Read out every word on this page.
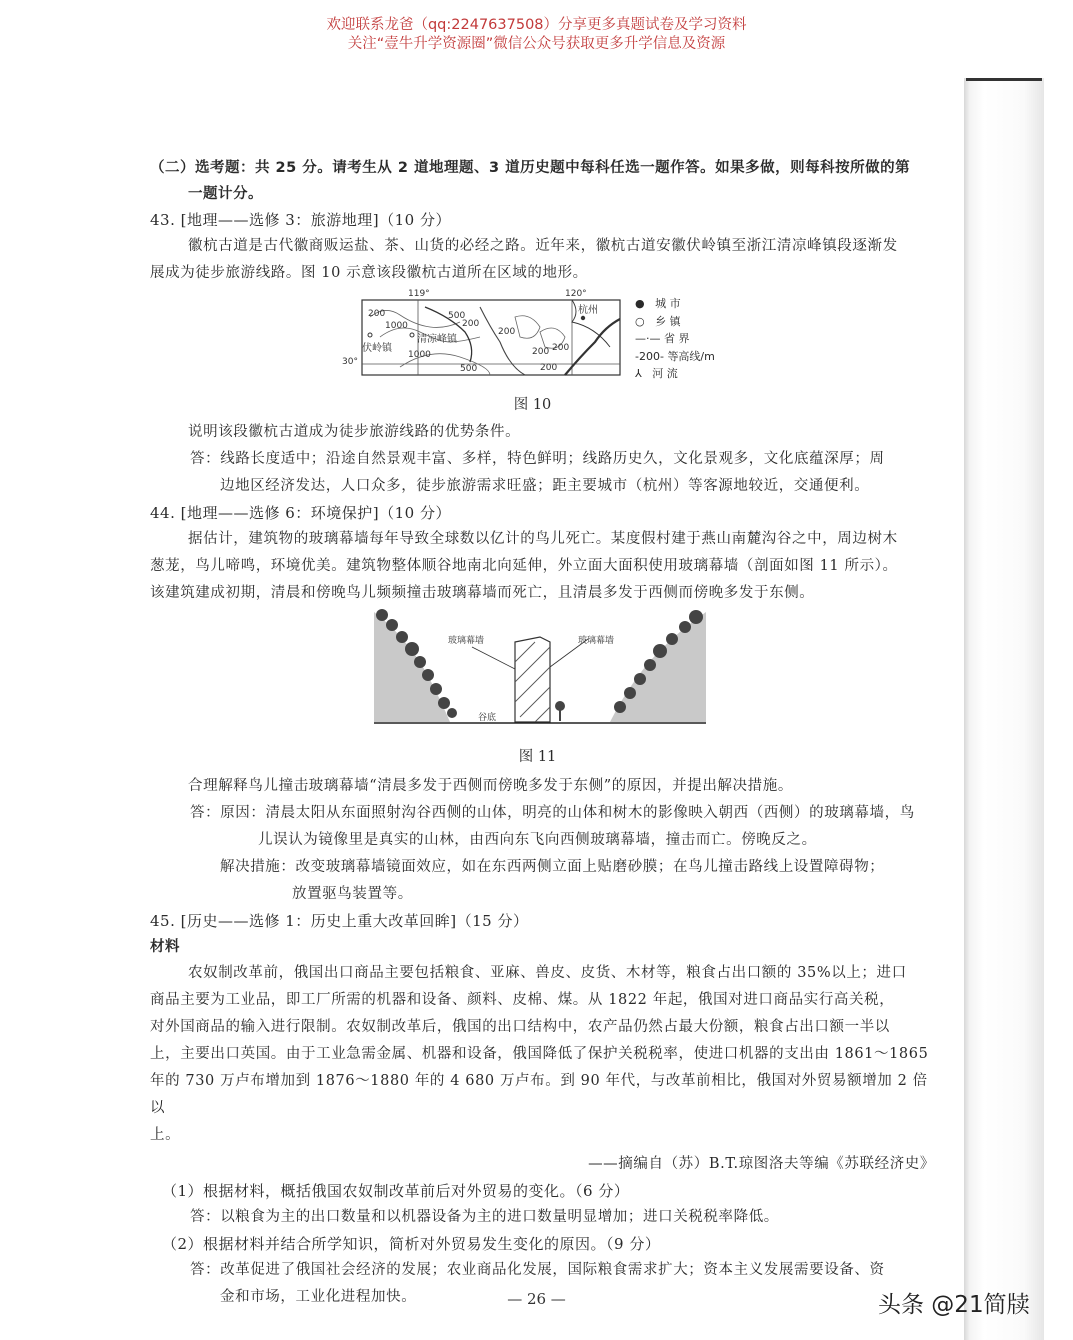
欢迎联系龙爸（qq:2247637508）分享更多真题试卷及学习资料
关注“壹牛升学资源圈”微信公众号获取更多升学信息及资源
（二）选考题：共 25 分。请考生从 2 道地理题、3 道历史题中每科任选一题作答。如果多做，则每科按所做的第
一题计分。
43. [地理——选修 3：旅游地理]（10 分）
徽杭古道是古代徽商贩运盐、茶、山货的必经之路。近年来，徽杭古道安徽伏岭镇至浙江清凉峰镇段逐渐发
展成为徒步旅游线路。图 10 示意该段徽杭古道所在区域的地形。
119°	120°
30°
伏岭镇
清凉峰镇
杭州
200
1000
500
200
1000
200
200 200
500	200
● 城 市
○ 乡 镇
—·— 省 界
-200- 等高线/m
⅄ 河 流
图 10
说明该段徽杭古道成为徒步旅游线路的优势条件。
答：线路长度适中；沿途自然景观丰富、多样，特色鲜明；线路历史久，文化景观多，文化底蕴深厚；周
边地区经济发达，人口众多，徒步旅游需求旺盛；距主要城市（杭州）等客源地较近，交通便利。
44. [地理——选修 6：环境保护]（10 分）
据估计，建筑物的玻璃幕墙每年导致全球数以亿计的鸟儿死亡。某度假村建于燕山南麓沟谷之中，周边树木
葱茏，鸟儿啼鸣，环境优美。建筑物整体顺谷地南北向延伸，外立面大面积使用玻璃幕墙（剖面如图 11 所示）。
该建筑建成初期，清晨和傍晚鸟儿频频撞击玻璃幕墙而死亡，且清晨多发于西侧而傍晚多发于东侧。
玻璃幕墙	玻璃幕墙
谷底
图 11
合理解释鸟儿撞击玻璃幕墙“清晨多发于西侧而傍晚多发于东侧”的原因，并提出解决措施。
答：原因：清晨太阳从东面照射沟谷西侧的山体，明亮的山体和树木的影像映入朝西（西侧）的玻璃幕墙，鸟
儿误认为镜像里是真实的山林，由西向东飞向西侧玻璃幕墙，撞击而亡。傍晚反之。
解决措施：改变玻璃幕墙镜面效应，如在东西两侧立面上贴磨砂膜；在鸟儿撞击路线上设置障碍物；
放置驱鸟装置等。
45. [历史——选修 1：历史上重大改革回眸]（15 分）
材料
农奴制改革前，俄国出口商品主要包括粮食、亚麻、兽皮、皮货、木材等，粮食占出口额的 35%以上；进口
商品主要为工业品，即工厂所需的机器和设备、颜料、皮棉、煤。从 1822 年起，俄国对进口商品实行高关税，
对外国商品的输入进行限制。农奴制改革后，俄国的出口结构中，农产品仍然占最大份额，粮食占出口额一半以
上，主要出口英国。由于工业急需金属、机器和设备，俄国降低了保护关税税率，使进口机器的支出由 1861～1865
年的 730 万卢布增加到 1876～1880 年的 4 680 万卢布。到 90 年代，与改革前相比，俄国对外贸易额增加 2 倍以
上。
——摘编自（苏）B.T.琼图洛夫等编《苏联经济史》
（1）根据材料，概括俄国农奴制改革前后对外贸易的变化。（6 分）
答：以粮食为主的出口数量和以机器设备为主的进口数量明显增加；进口关税税率降低。
（2）根据材料并结合所学知识，简析对外贸易发生变化的原因。（9 分）
答：改革促进了俄国社会经济的发展；农业商品化发展，国际粮食需求扩大；资本主义发展需要设备、资
金和市场，工业化进程加快。	— 26 —	头条 @21简牍
